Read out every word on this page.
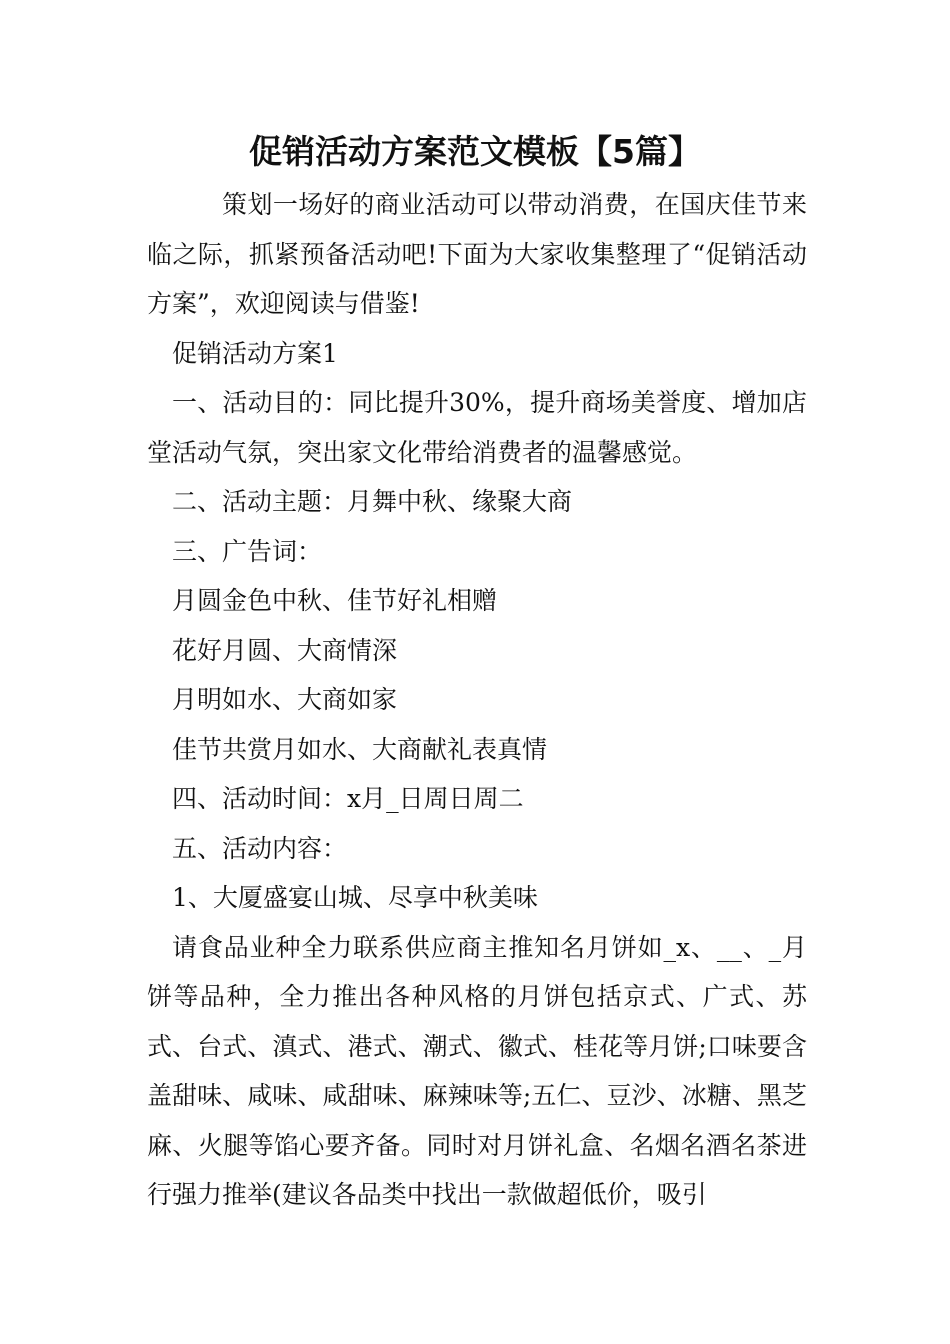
促销活动方案范文模板【5篇】

策划一场好的商业活动可以带动消费，在国庆佳节来临之际，抓紧预备活动吧!下面为大家收集整理了“促销活动方案”，欢迎阅读与借鉴!

促销活动方案1

一、活动目的：同比提升30%，提升商场美誉度、增加店堂活动气氛，突出家文化带给消费者的温馨感觉。

二、活动主题：月舞中秋、缘聚大商

三、广告词：

月圆金色中秋、佳节好礼相赠

花好月圆、大商情深

月明如水、大商如家

佳节共赏月如水、大商献礼表真情

四、活动时间：x月_日周日周二

五、活动内容：

1、大厦盛宴山城、尽享中秋美味

请食品业种全力联系供应商主推知名月饼如_x、__、_月饼等品种，全力推出各种风格的月饼包括京式、广式、苏式、台式、滇式、港式、潮式、徽式、桂花等月饼;口味要含盖甜味、咸味、咸甜味、麻辣味等;五仁、豆沙、冰糖、黑芝麻、火腿等馅心要齐备。同时对月饼礼盒、名烟名酒名茶进行强力推举(建议各品类中找出一款做超低价，吸引
